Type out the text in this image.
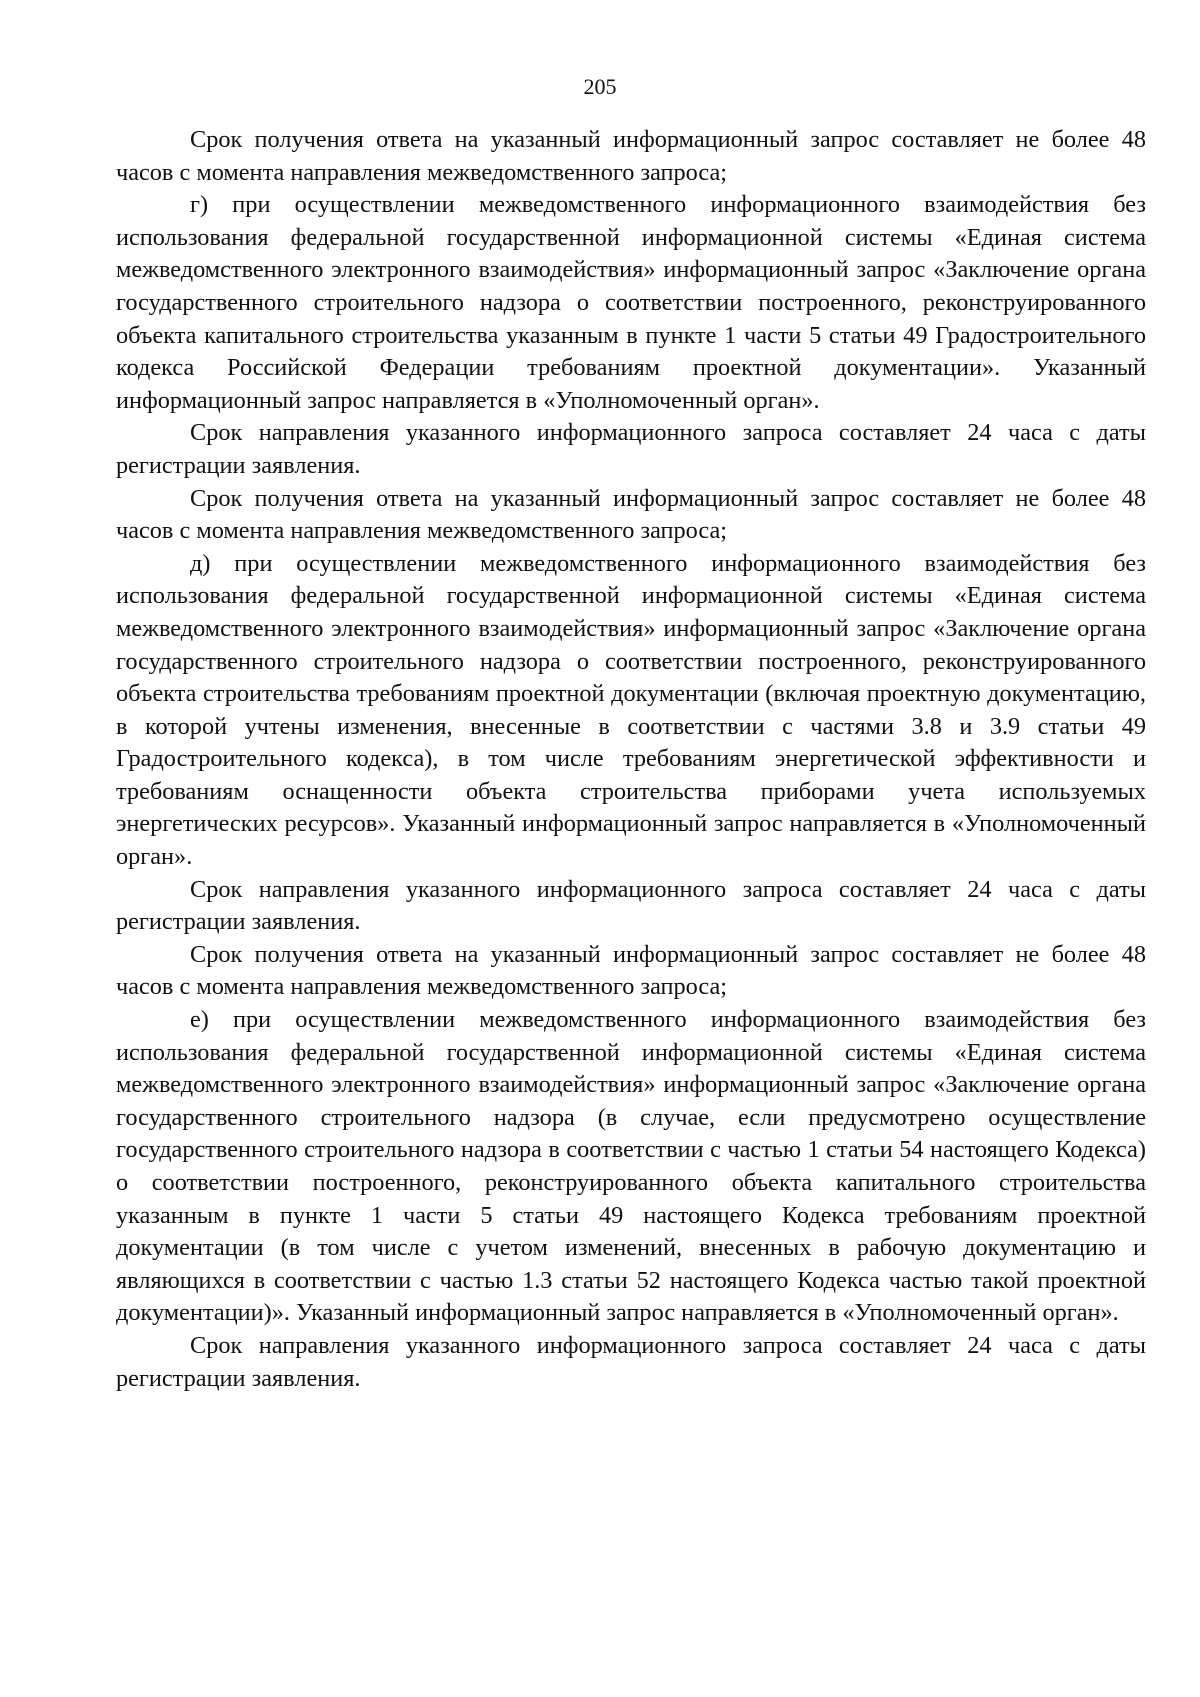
205

Срок получения ответа на указанный информационный запрос составляет не более 48 часов с момента направления межведомственного запроса;

г) при осуществлении межведомственного информационного взаимодействия без использования федеральной государственной информационной системы «Единая система межведомственного электронного взаимодействия» информационный запрос «Заключение органа государственного строительного надзора о соответствии построенного, реконструированного объекта капитального строительства указанным в пункте 1 части 5 статьи 49 Градостроительного кодекса Российской Федерации требованиям проектной документации». Указанный информационный запрос направляется в «Уполномоченный орган».

Срок направления указанного информационного запроса составляет 24 часа с даты регистрации заявления.

Срок получения ответа на указанный информационный запрос составляет не более 48 часов с момента направления межведомственного запроса;

д) при осуществлении межведомственного информационного взаимодействия без использования федеральной государственной информационной системы «Единая система межведомственного электронного взаимодействия» информационный запрос «Заключение органа государственного строительного надзора о соответствии построенного, реконструированного объекта строительства требованиям проектной документации (включая проектную документацию, в которой учтены изменения, внесенные в соответствии с частями 3.8 и 3.9 статьи 49 Градостроительного кодекса), в том числе требованиям энергетической эффективности и требованиям оснащенности объекта строительства приборами учета используемых энергетических ресурсов». Указанный информационный запрос направляется в «Уполномоченный орган».

Срок направления указанного информационного запроса составляет 24 часа с даты регистрации заявления.

Срок получения ответа на указанный информационный запрос составляет не более 48 часов с момента направления межведомственного запроса;

е) при осуществлении межведомственного информационного взаимодействия без использования федеральной государственной информационной системы «Единая система межведомственного электронного взаимодействия» информационный запрос «Заключение органа государственного строительного надзора (в случае, если предусмотрено осуществление государственного строительного надзора в соответствии с частью 1 статьи 54 настоящего Кодекса) о соответствии построенного, реконструированного объекта капитального строительства указанным в пункте 1 части 5 статьи 49 настоящего Кодекса требованиям проектной документации (в том числе с учетом изменений, внесенных в рабочую документацию и являющихся в соответствии с частью 1.3 статьи 52 настоящего Кодекса частью такой проектной документации)». Указанный информационный запрос направляется в «Уполномоченный орган».

Срок направления указанного информационного запроса составляет 24 часа с даты регистрации заявления.
